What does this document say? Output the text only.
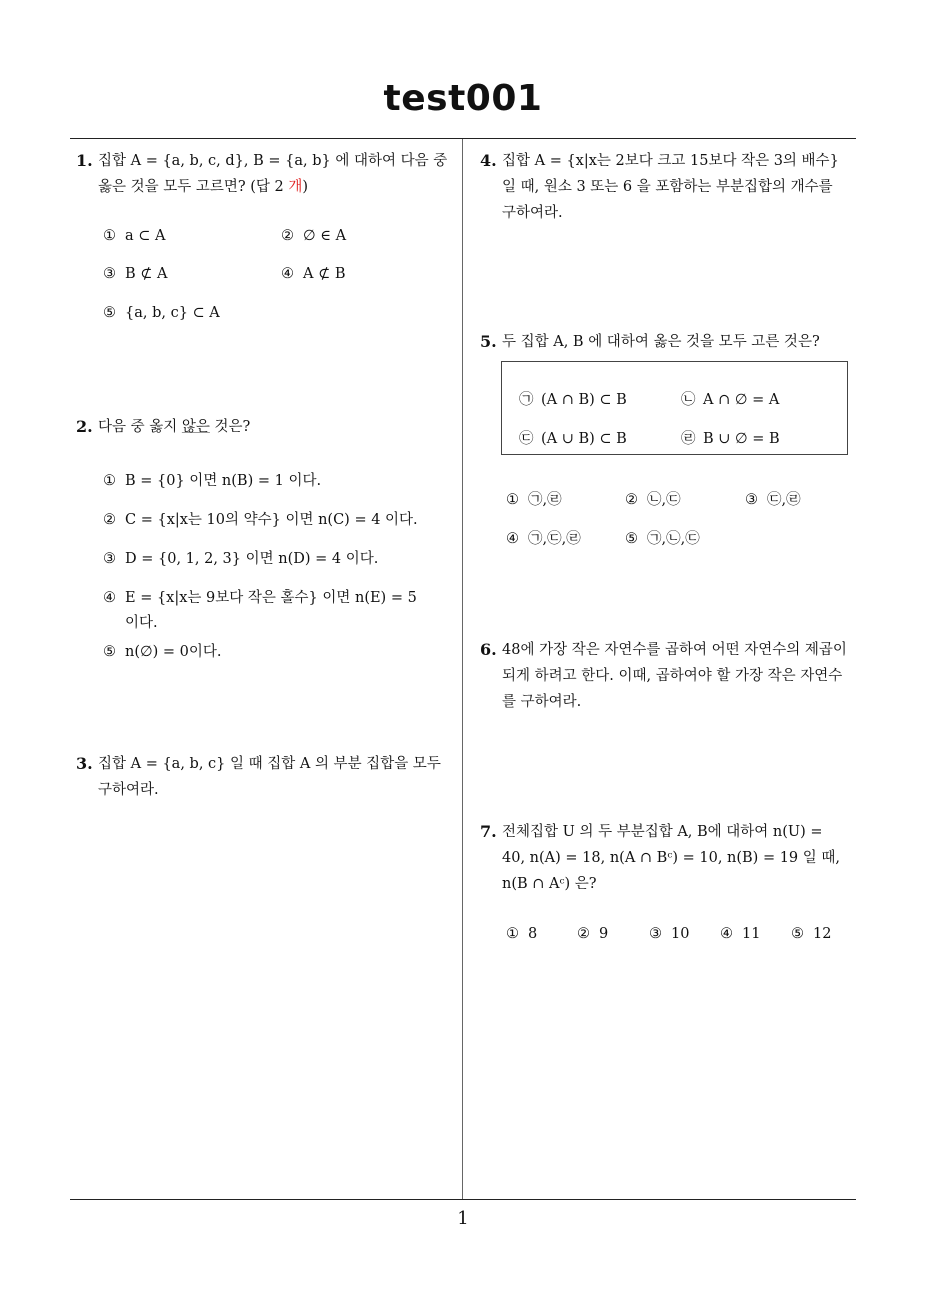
test001
1. 집합 A = {a, b, c, d}, B = {a, b} 에 대하여 다음 중
옳은 것을 모두 고르면? (답 2 개)
① a ⊂ A	② ∅ ∈ A
③ B ⊄ A	④ A ⊄ B
⑤ {a, b, c} ⊂ A
2. 다음 중 옳지 않은 것은?
① B = {0} 이면 n(B) = 1 이다.
② C = {x|x는 10의 약수} 이면 n(C) = 4 이다.
③ D = {0, 1, 2, 3} 이면 n(D) = 4 이다.
④ E = {x|x는 9보다 작은 홀수} 이면 n(E) = 5
이다.
⑤ n(∅) = 0이다.
3. 집합 A = {a, b, c} 일 때 집합 A 의 부분 집합을 모두
구하여라.
4. 집합 A = {x|x는 2보다 크고 15보다 작은 3의 배수}
일 때, 원소 3 또는 6 을 포함하는 부분집합의 개수를
구하여라.
5. 두 집합 A, B 에 대하여 옳은 것을 모두 고른 것은?
㉠ (A ∩ B) ⊂ B	㉡ A ∩ ∅ = A
㉢ (A ∪ B) ⊂ B	㉣ B ∪ ∅ = B
① ㉠,㉣	② ㉡,㉢	③ ㉢,㉣
④ ㉠,㉢,㉣	⑤ ㉠,㉡,㉢
6. 48에 가장 작은 자연수를 곱하여 어떤 자연수의 제곱이
되게 하려고 한다. 이때, 곱하여야 할 가장 작은 자연수
를 구하여라.
7. 전체집합 U 의 두 부분집합 A, B에 대하여 n(U) =
40, n(A) = 18, n(A ∩ Bᶜ) = 10, n(B) = 19 일 때,
n(B ∩ Aᶜ) 은?
① 8	② 9	③ 10 ④ 11 ⑤ 12
1
